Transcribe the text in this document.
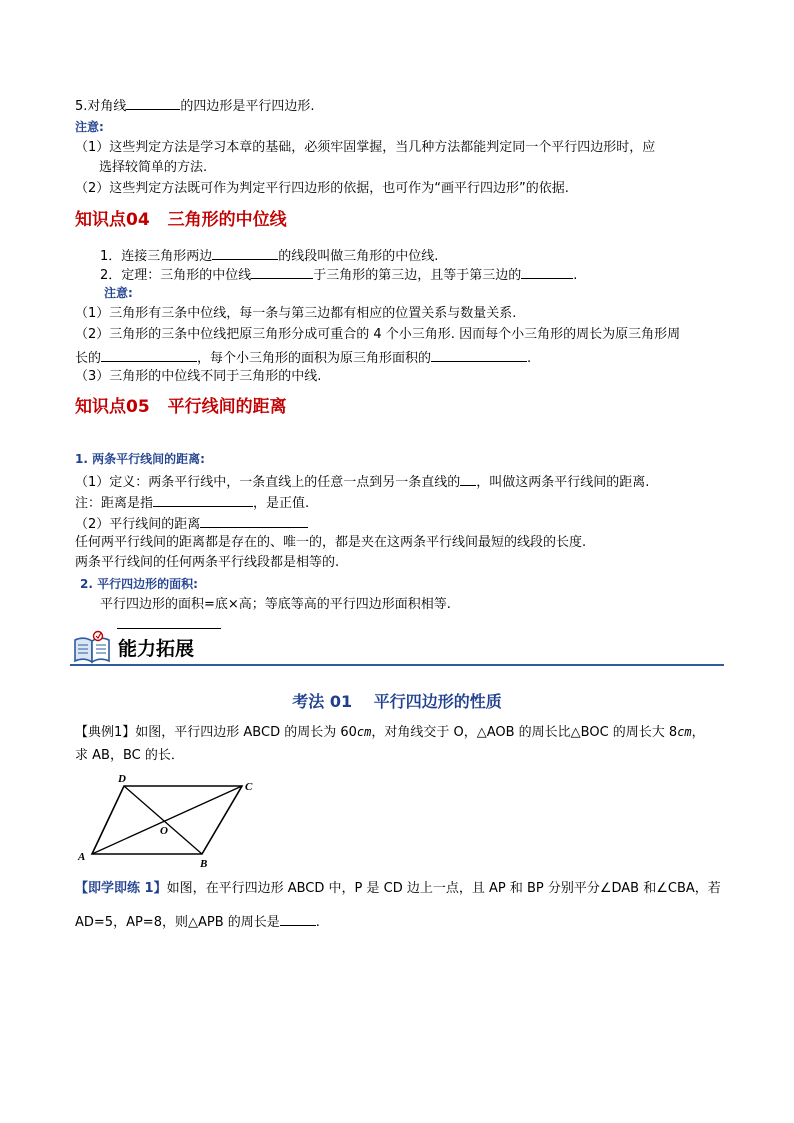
5.对角线	的四边形是平行四边形.
注意:
（1）这些判定方法是学习本章的基础，必须牢固掌握，当几种方法都能判定同一个平行四边形时，应
选择较简单的方法.
（2）这些判定方法既可作为判定平行四边形的依据，也可作为“画平行四边形”的依据.
知识点04 三角形的中位线
1．连接三角形两边	的线段叫做三角形的中位线.
2．定理：三角形的中位线	于三角形的第三边，且等于第三边的	.
注意:
（1）三角形有三条中位线，每一条与第三边都有相应的位置关系与数量关系.
（2）三角形的三条中位线把原三角形分成可重合的 4 个小三角形. 因而每个小三角形的周长为原三角形周
长的	，每个小三角形的面积为原三角形面积的	.
（3）三角形的中位线不同于三角形的中线.
知识点05 平行线间的距离
1. 两条平行线间的距离:
（1）定义：两条平行线中，一条直线上的任意一点到另一条直线的 ，叫做这两条平行线间的距离.
注：距离是指	，是正值.
（2）平行线间的距离
任何两平行线间的距离都是存在的、唯一的，都是夹在这两条平行线间最短的线段的长度.
两条平行线间的任何两条平行线段都是相等的.
2. 平行四边形的面积:
平行四边形的面积=底×高；等底等高的平行四边形面积相等.
能力拓展
考法 01　 平行四边形的性质
【典例1】如图，平行四边形 ABCD 的周长为 60cm，对角线交于 O，△AOB 的周长比△BOC 的周长大 8cm，
求 AB，BC 的长．
D
C
O
A
B
【即学即练 1】如图，在平行四边形 ABCD 中，P 是 CD 边上一点，且 AP 和 BP 分别平分∠DAB 和∠CBA，若
AD=5，AP=8，则△APB 的周长是	.
